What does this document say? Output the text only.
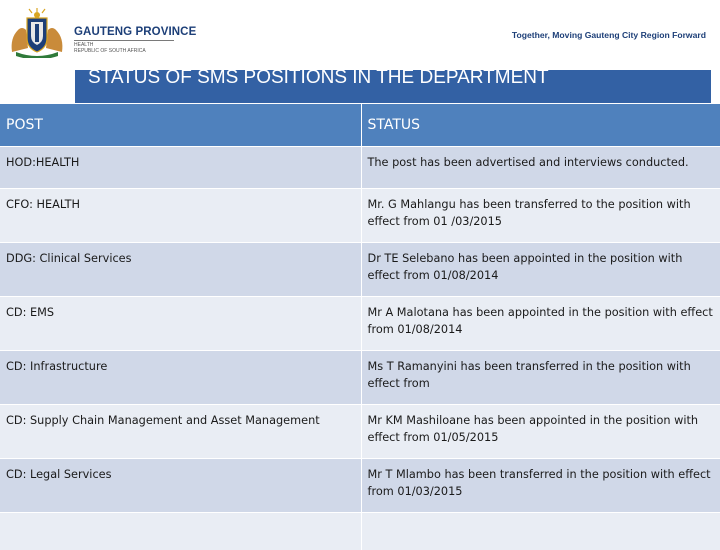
GAUTENG PROVINCE
HEALTH
REPUBLIC OF SOUTH AFRICA
Together, Moving Gauteng City Region Forward
STATUS OF SMS POSITIONS IN THE DEPARTMENT
POST	STATUS
HOD:HEALTH	The post has been advertised and interviews conducted.
CFO: HEALTH	Mr. G Mahlangu has been transferred to the position with effect from 01 /03/2015
DDG: Clinical Services	Dr TE Selebano has been appointed in the position with effect from 01/08/2014
CD: EMS	Mr A Malotana has been appointed in the position with effect from 01/08/2014
CD: Infrastructure	Ms T Ramanyini has been transferred in the position with effect from
CD: Supply Chain Management and Asset Management	Mr KM Mashiloane has been appointed in the position with effect from 01/05/2015
CD: Legal Services	Mr T Mlambo has been transferred in the position with effect from 01/03/2015
